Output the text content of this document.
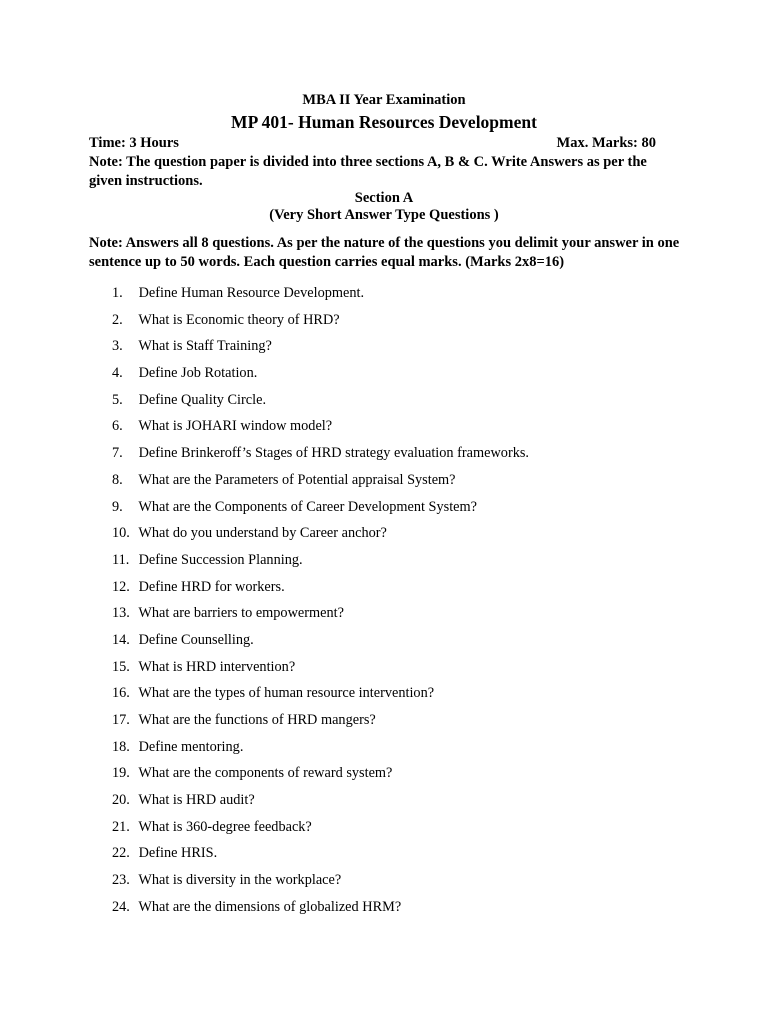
MBA II Year Examination
MP 401- Human Resources Development
Time: 3 Hours	Max. Marks: 80
Note: The question paper is divided into three sections A, B & C. Write Answers as per the given instructions.
Section A
(Very Short Answer Type Questions )
Note: Answers all 8 questions. As per the nature of the questions you delimit your answer in one sentence up to 50 words. Each question carries equal marks. (Marks 2x8=16)
1. Define Human Resource Development.
2. What is Economic theory of HRD?
3. What is Staff Training?
4. Define Job Rotation.
5. Define Quality Circle.
6. What is JOHARI window model?
7. Define Brinkeroff’s Stages of HRD strategy evaluation frameworks.
8. What are the Parameters of Potential appraisal System?
9. What are the Components of Career Development System?
10. What do you understand by Career anchor?
11. Define Succession Planning.
12. Define HRD for workers.
13. What are barriers to empowerment?
14. Define Counselling.
15. What is HRD intervention?
16. What are the types of human resource intervention?
17. What are the functions of HRD mangers?
18. Define mentoring.
19. What are the components of reward system?
20. What is HRD audit?
21. What is 360-degree feedback?
22. Define HRIS.
23. What is diversity in the workplace?
24. What are the dimensions of globalized HRM?
